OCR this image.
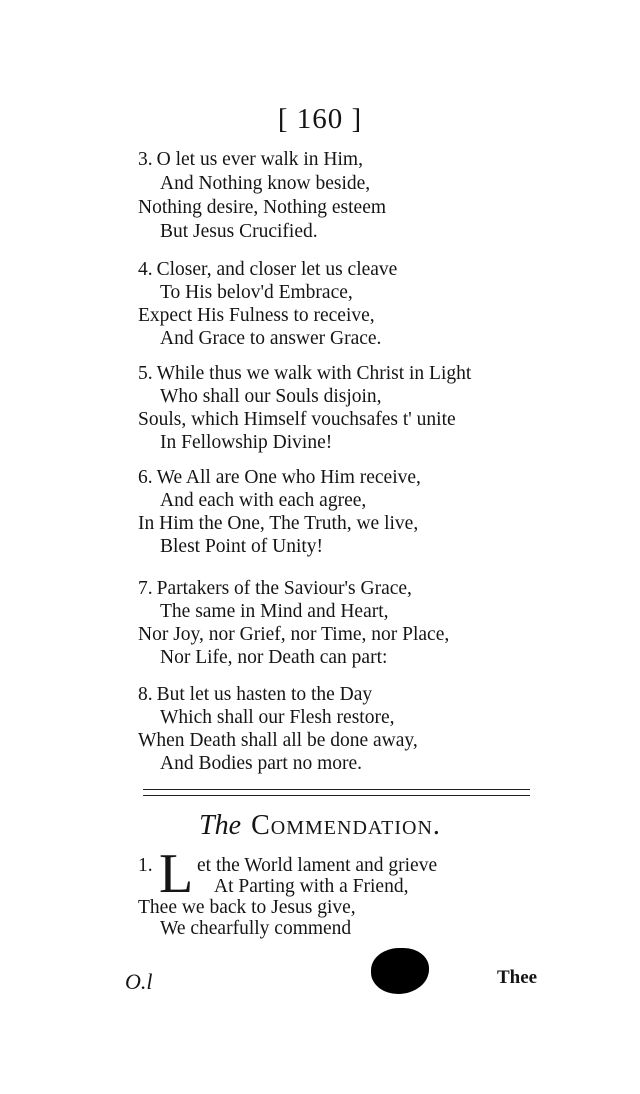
[ 160 ]
3. O let us ever walk in Him,
And Nothing know beside,
Nothing desire, Nothing esteem
But Jesus Crucified.
4. Closer, and closer let us cleave
To His belov'd Embrace,
Expect His Fulness to receive,
And Grace to answer Grace.
5. While thus we walk with Christ in Light
Who shall our Souls disjoin,
Souls, which Himself vouchsafes t' unite
In Fellowship Divine!
6. We All are One who Him receive,
And each with each agree,
In Him the One, The Truth, we live,
Blest Point of Unity!
7. Partakers of the Saviour's Grace,
The same in Mind and Heart,
Nor Joy, nor Grief, nor Time, nor Place,
Nor Life, nor Death can part:
8. But let us hasten to the Day
Which shall our Flesh restore,
When Death shall all be done away,
And Bodies part no more.
The Commendation.
1. L et the World lament and grieve
At Parting with a Friend,
Thee we back to Jesus give,
We chearfully commend
O.l	Thee
